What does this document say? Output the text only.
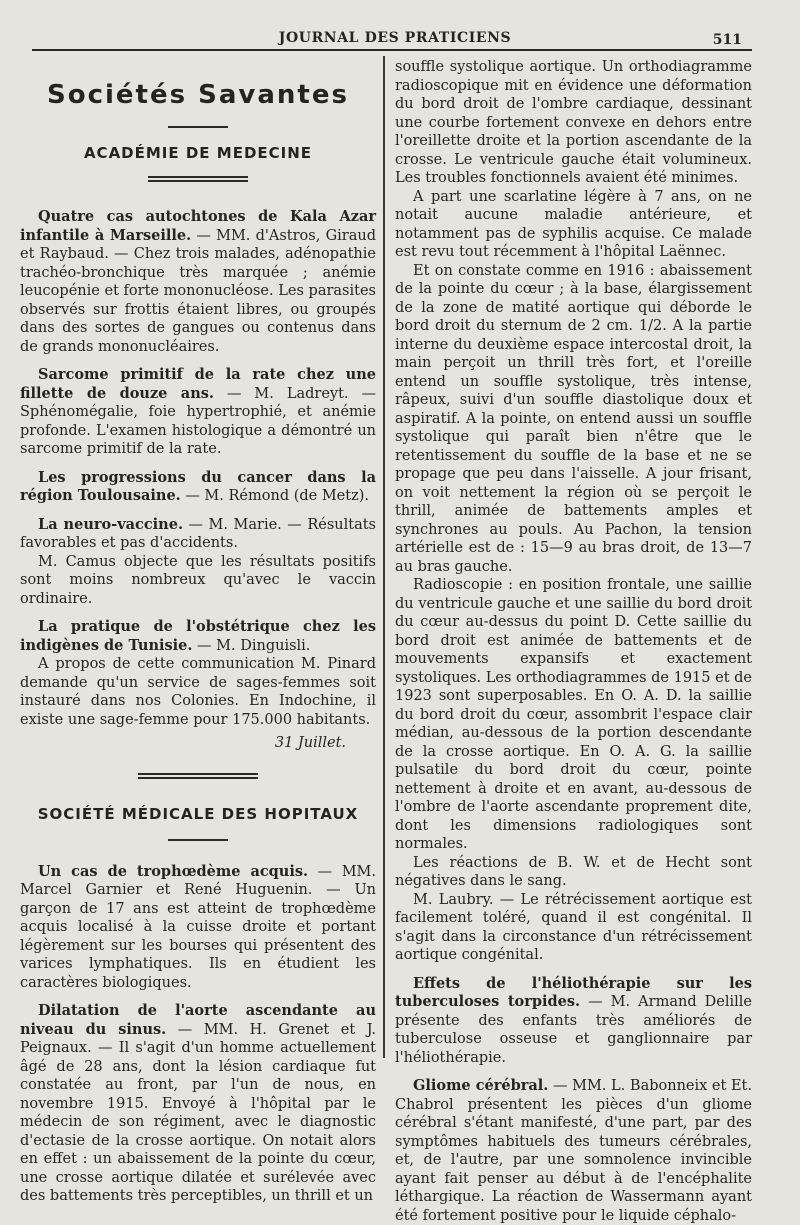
JOURNAL DES PRATICIENS	511
Sociétés Savantes
ACADÉMIE DE MEDECINE

Quatre cas autochtones de Kala Azar infantile à Marseille. — MM. d'Astros, Giraud et Raybaud. — Chez trois malades, adénopathie trachéo-bronchique très marquée ; anémie leucopénie et forte mononucléose. Les parasites observés sur frottis étaient libres, ou groupés dans des sortes de gangues ou contenus dans de grands mononucléaires.

Sarcome primitif de la rate chez une fillette de douze ans. — M. Ladreyt. — Sphénomégalie, foie hypertrophié, et anémie profonde. L'examen histologique a démontré un sarcome primitif de la rate.

Les progressions du cancer dans la région Toulousaine. — M. Rémond (de Metz).

La neuro-vaccine. — M. Marie. — Résultats favorables et pas d'accidents.

M. Camus objecte que les résultats positifs sont moins nombreux qu'avec le vaccin ordinaire.

La pratique de l'obstétrique chez les indigènes de Tunisie. — M. Dinguisli.

A propos de cette communication M. Pinard demande qu'un service de sages-femmes soit instauré dans nos Colonies. En Indochine, il existe une sage-femme pour 175.000 habitants.

31 Juillet.

SOCIÉTÉ MÉDICALE DES HOPITAUX

Un cas de trophœdème acquis. — MM. Marcel Garnier et René Huguenin. — Un garçon de 17 ans est atteint de trophœdème acquis localisé à la cuisse droite et portant légèrement sur les bourses qui présentent des varices lymphatiques. Ils en étudient les caractères biologiques.

Dilatation de l'aorte ascendante au niveau du sinus. — MM. H. Grenet et J. Peignaux. — Il s'agit d'un homme actuellement âgé de 28 ans, dont la lésion cardiaque fut constatée au front, par l'un de nous, en novembre 1915. Envoyé à l'hôpital par le médecin de son régiment, avec le diagnostic d'ectasie de la crosse aortique. On notait alors en effet : un abaissement de la pointe du cœur, une crosse aortique dilatée et surélevée avec des battements très perceptibles, un thrill et un

souffle systolique aortique. Un orthodiagramme radioscopique mit en évidence une déformation du bord droit de l'ombre cardiaque, dessinant une courbe fortement convexe en dehors entre l'oreillette droite et la portion ascendante de la crosse. Le ventricule gauche était volumineux. Les troubles fonctionnels avaient été minimes.

A part une scarlatine légère à 7 ans, on ne notait aucune maladie antérieure, et notamment pas de syphilis acquise. Ce malade est revu tout récemment à l'hôpital Laënnec.

Et on constate comme en 1916 : abaissement de la pointe du cœur ; à la base, élargissement de la zone de matité aortique qui déborde le bord droit du sternum de 2 cm. 1/2. A la partie interne du deuxième espace intercostal droit, la main perçoit un thrill très fort, et l'oreille entend un souffle systolique, très intense, râpeux, suivi d'un souffle diastolique doux et aspiratif. A la pointe, on entend aussi un souffle systolique qui paraît bien n'être que le retentissement du souffle de la base et ne se propage que peu dans l'aisselle. A jour frisant, on voit nettement la région où se perçoit le thrill, animée de battements amples et synchrones au pouls. Au Pachon, la tension artérielle est de : 15—9 au bras droit, de 13—7 au bras gauche.

Radioscopie : en position frontale, une saillie du ventricule gauche et une saillie du bord droit du cœur au-dessus du point D. Cette saillie du bord droit est animée de battements et de mouvements expansifs et exactement systoliques. Les orthodiagrammes de 1915 et de 1923 sont superposables. En O. A. D. la saillie du bord droit du cœur, assombrit l'espace clair médian, au-dessous de la portion descendante de la crosse aortique. En O. A. G. la saillie pulsatile du bord droit du cœur, pointe nettement à droite et en avant, au-dessous de l'ombre de l'aorte ascendante proprement dite, dont les dimensions radiologiques sont normales.

Les réactions de B. W. et de Hecht sont négatives dans le sang.

M. Laubry. — Le rétrécissement aortique est facilement toléré, quand il est congénital. Il s'agit dans la circonstance d'un rétrécissement aortique congénital.

Effets de l'héliothérapie sur les tuberculoses torpides. — M. Armand Delille présente des enfants très améliorés de tuberculose osseuse et ganglionnaire par l'héliothérapie.

Gliome cérébral. — MM. L. Babonneix et Et. Chabrol présentent les pièces d'un gliome cérébral s'étant manifesté, d'une part, par des symptômes habituels des tumeurs cérébrales, et, de l'autre, par une somnolence invincible ayant fait penser au début à de l'encéphalite léthargique. La réaction de Wassermann ayant été fortement positive pour le liquide céphalo-
